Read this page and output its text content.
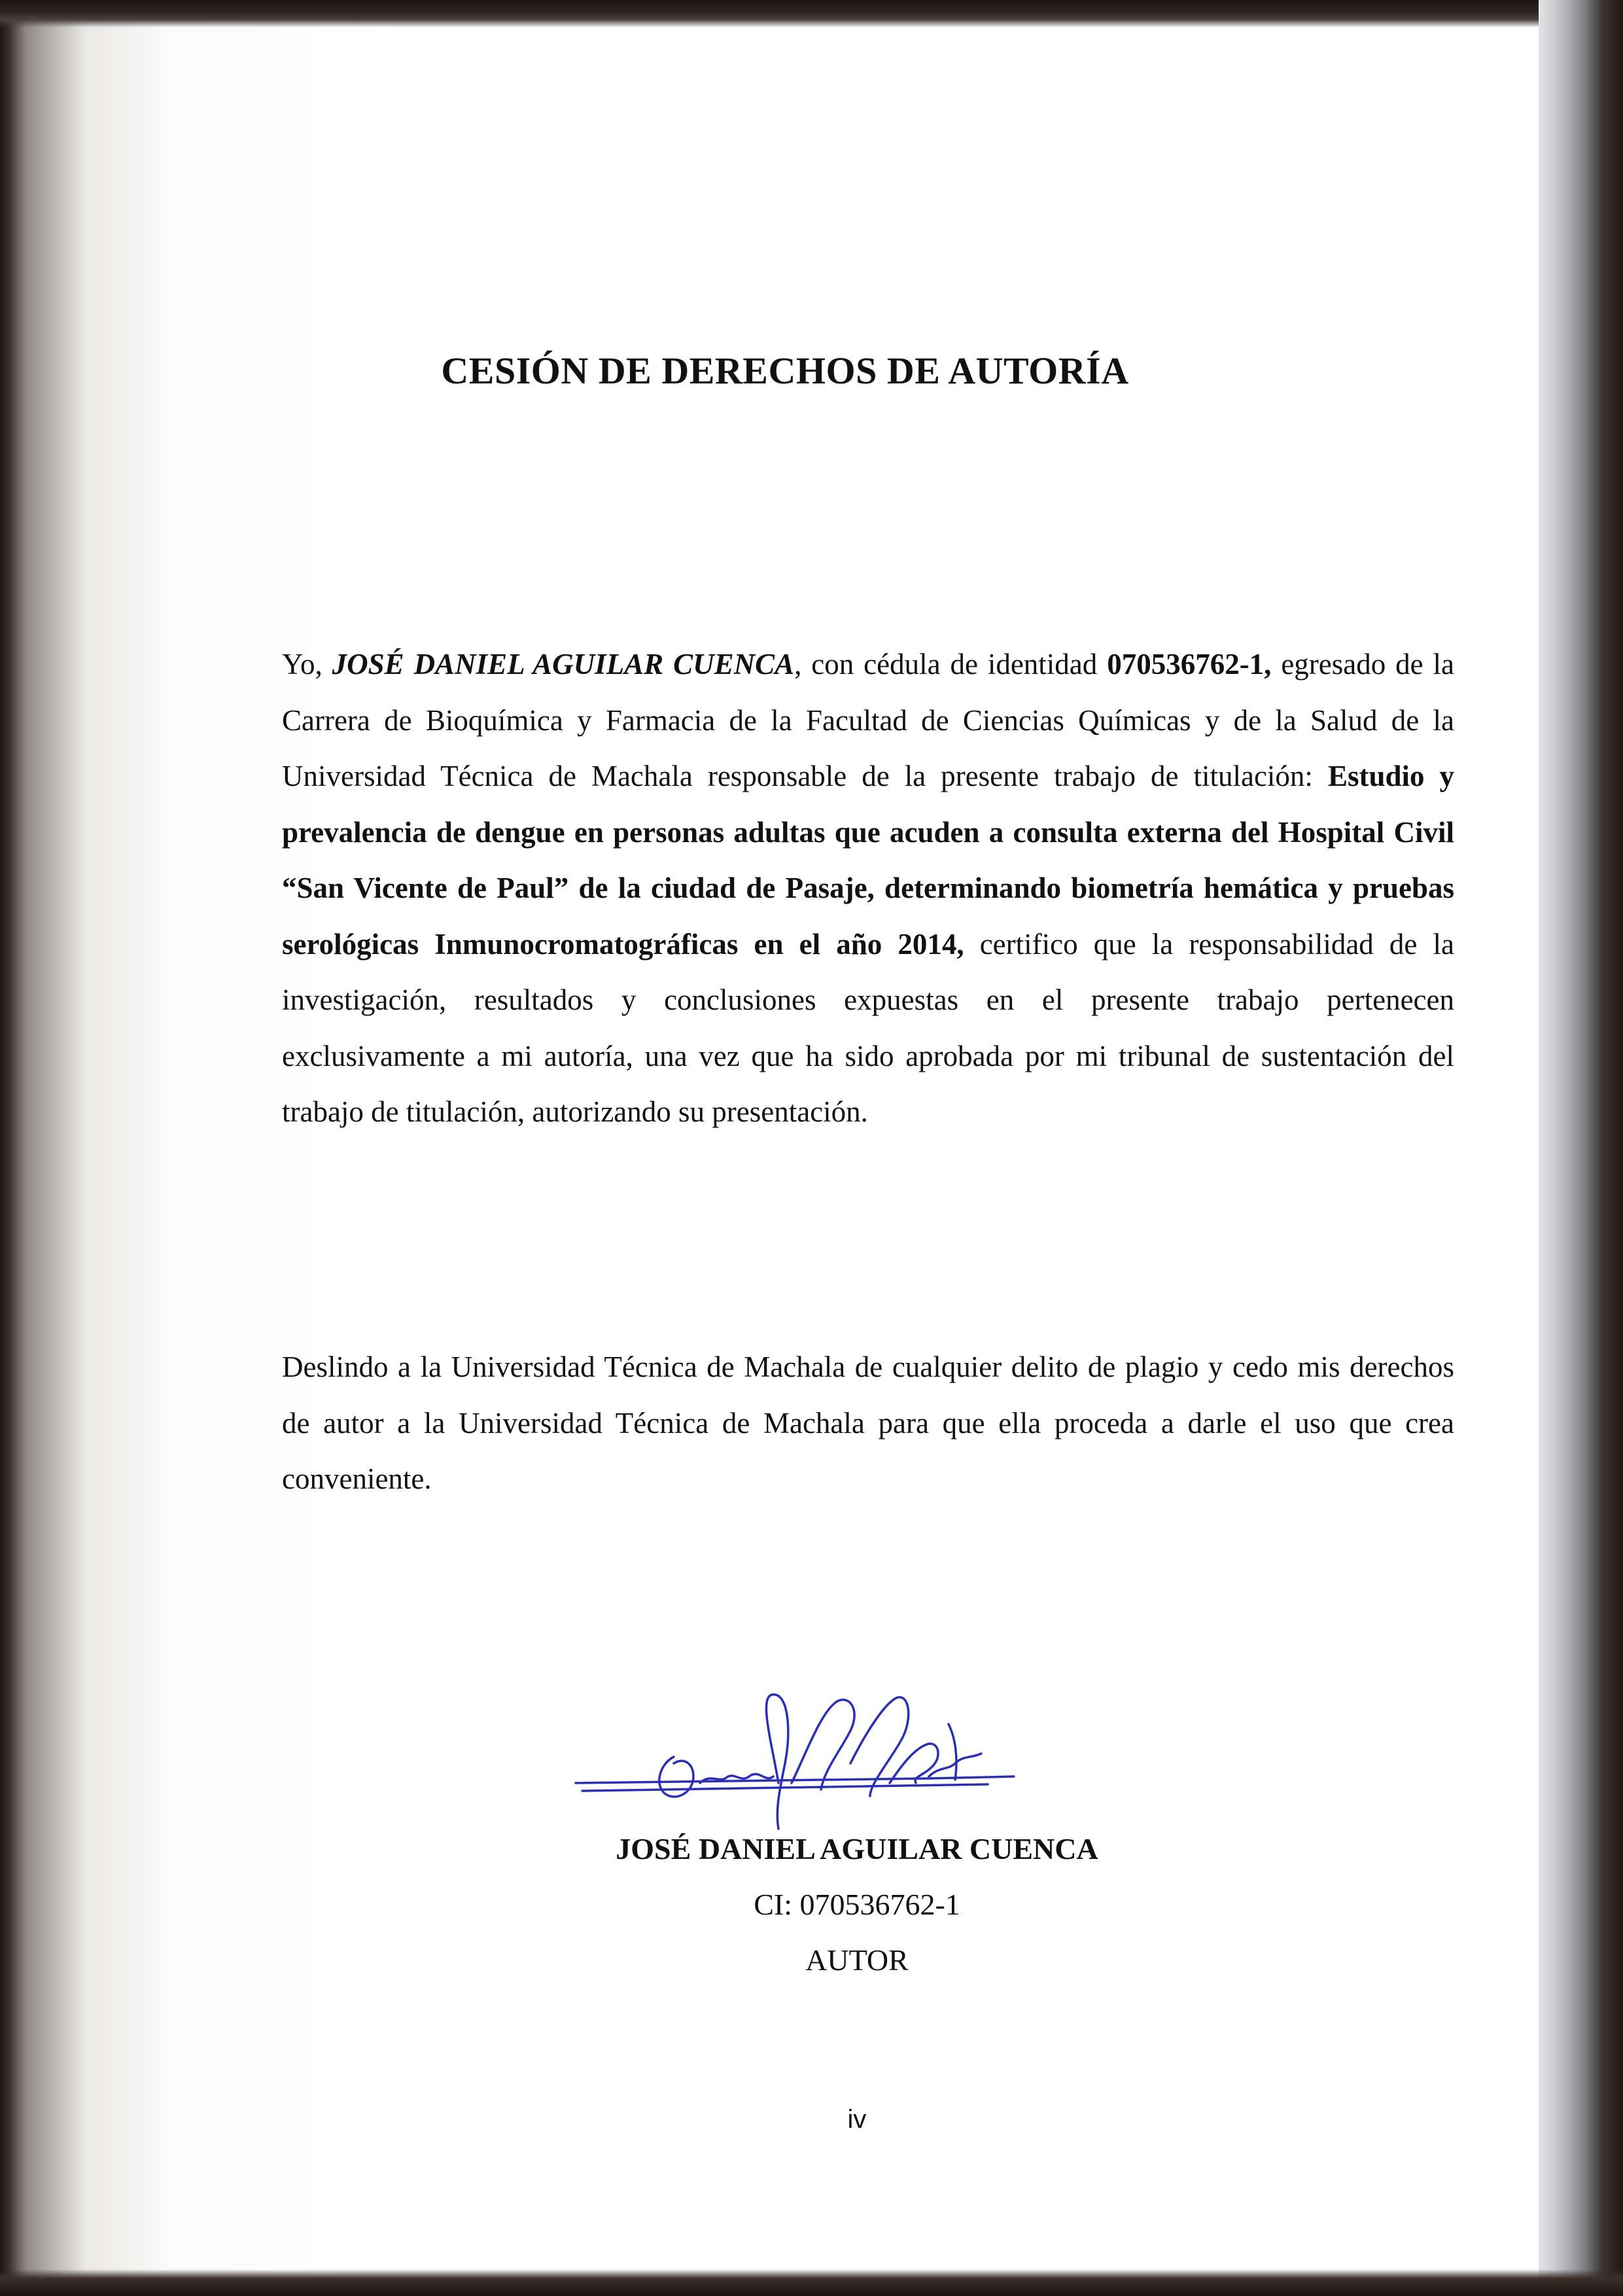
CESIÓN DE DERECHOS DE AUTORÍA
Yo, JOSÉ DANIEL AGUILAR CUENCA, con cédula de identidad 070536762-1, egresado de la Carrera de Bioquímica y Farmacia de la Facultad de Ciencias Químicas y de la Salud de la Universidad Técnica de Machala responsable de la presente trabajo de titulación: Estudio y prevalencia de dengue en personas adultas que acuden a consulta externa del Hospital Civil “San Vicente de Paul” de la ciudad de Pasaje, determinando biometría hemática y pruebas serológicas Inmunocromatográficas en el año 2014, certifico que la responsabilidad de la investigación, resultados y conclusiones expuestas en el presente trabajo pertenecen exclusivamente a mi autoría, una vez que ha sido aprobada por mi tribunal de sustentación del trabajo de titulación, autorizando su presentación.
Deslindo a la Universidad Técnica de Machala de cualquier delito de plagio y cedo mis derechos de autor a la Universidad Técnica de Machala para que ella proceda a darle el uso que crea conveniente.
JOSÉ DANIEL AGUILAR CUENCA
CI: 070536762-1
AUTOR
iv
